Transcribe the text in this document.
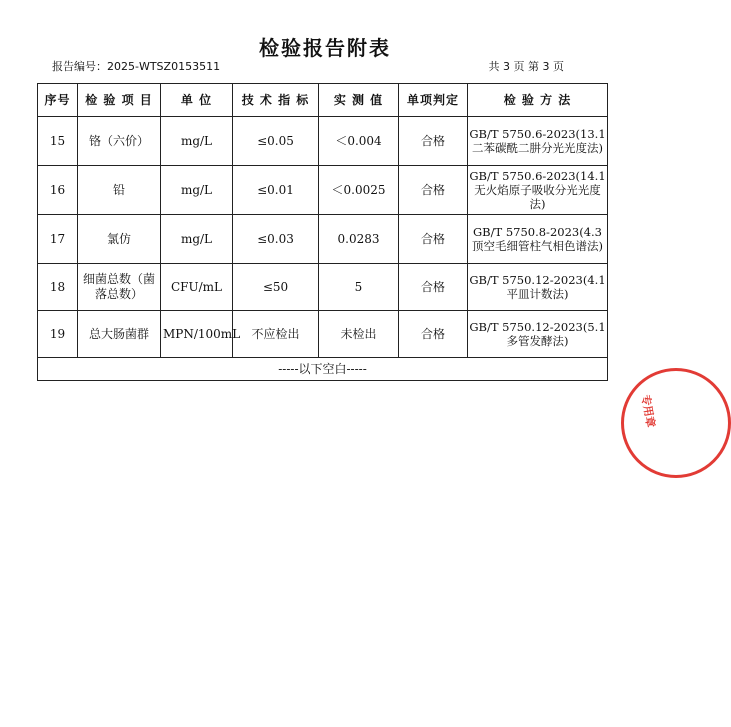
检验报告附表
报告编号：2025-WTSZ0153511	共 3 页 第 3 页
序号	检 验 项 目	单 位	技 术 指 标	实 测 值	单项判定	检 验 方 法
15	铬（六价）	mg/L	≤0.05	＜0.004	合格	GB/T 5750.6-2023(13.1二苯碳酰二肼分光光度法)
16	铅	mg/L	≤0.01	＜0.0025	合格	GB/T 5750.6-2023(14.1无火焰原子吸收分光光度法)
17	氯仿	mg/L	≤0.03	0.0283	合格	GB/T 5750.8-2023(4.3顶空毛细管柱气相色谱法)
18	细菌总数（菌落总数）	CFU/mL	≤50	5	合格	GB/T 5750.12-2023(4.1平皿计数法)
19	总大肠菌群	MPN/100mL	不应检出	未检出	合格	GB/T 5750.12-2023(5.1多管发酵法)
-----以下空白-----						
专用章
